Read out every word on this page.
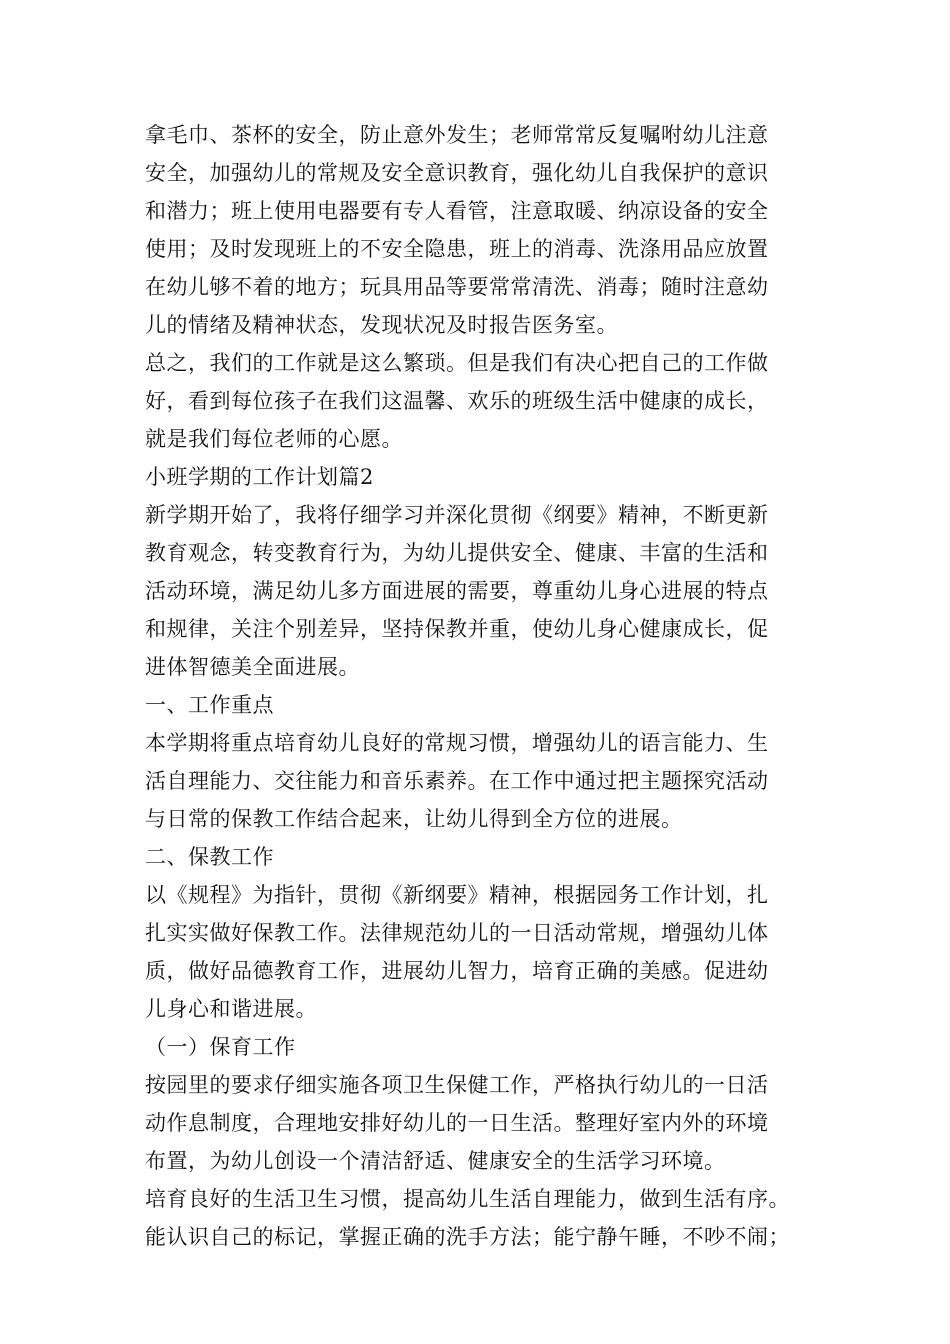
拿毛巾、茶杯的安全，防止意外发生；老师常常反复嘱咐幼儿注意
安全，加强幼儿的常规及安全意识教育，强化幼儿自我保护的意识
和潜力；班上使用电器要有专人看管，注意取暖、纳凉设备的安全
使用；及时发现班上的不安全隐患，班上的消毒、洗涤用品应放置
在幼儿够不着的地方；玩具用品等要常常清洗、消毒；随时注意幼
儿的情绪及精神状态，发现状况及时报告医务室。
总之，我们的工作就是这么繁琐。但是我们有决心把自己的工作做
好，看到每位孩子在我们这温馨、欢乐的班级生活中健康的成长，
就是我们每位老师的心愿。
小班学期的工作计划篇2
新学期开始了，我将仔细学习并深化贯彻《纲要》精神，不断更新
教育观念，转变教育行为，为幼儿提供安全、健康、丰富的生活和
活动环境，满足幼儿多方面进展的需要，尊重幼儿身心进展的特点
和规律，关注个别差异，坚持保教并重，使幼儿身心健康成长，促
进体智德美全面进展。
一、工作重点
本学期将重点培育幼儿良好的常规习惯，增强幼儿的语言能力、生
活自理能力、交往能力和音乐素养。在工作中通过把主题探究活动
与日常的保教工作结合起来，让幼儿得到全方位的进展。
二、保教工作
以《规程》为指针，贯彻《新纲要》精神，根据园务工作计划，扎
扎实实做好保教工作。法律规范幼儿的一日活动常规，增强幼儿体
质，做好品德教育工作，进展幼儿智力，培育正确的美感。促进幼
儿身心和谐进展。
（一）保育工作
按园里的要求仔细实施各项卫生保健工作，严格执行幼儿的一日活
动作息制度，合理地安排好幼儿的一日生活。整理好室内外的环境
布置，为幼儿创设一个清洁舒适、健康安全的生活学习环境。
培育良好的生活卫生习惯，提高幼儿生活自理能力，做到生活有序。
能认识自己的标记，掌握正确的洗手方法；能宁静午睡，不吵不闹；
